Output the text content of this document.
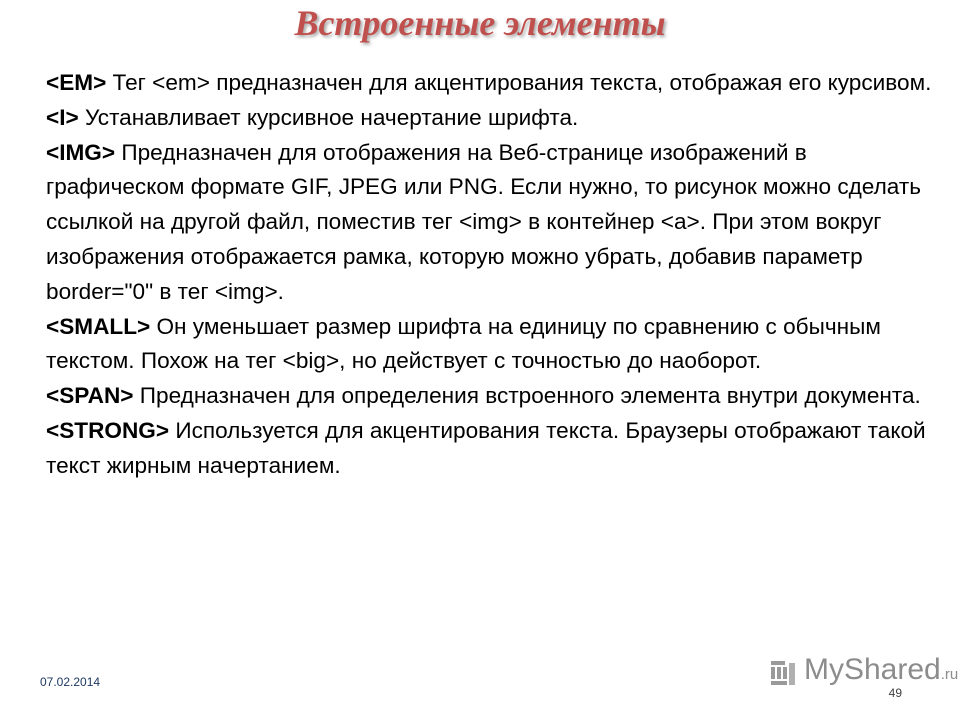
Встроенные элементы

<EM> Тег <em> предназначен для акцентирования текста, отображая его курсивом.

<I> Устанавливает курсивное начертание шрифта.

<IMG> Предназначен для отображения на Веб-странице изображений в графическом формате GIF, JPEG или PNG. Если нужно, то рисунок можно сделать ссылкой на другой файл, поместив тег <img> в контейнер <a>. При этом вокруг изображения отображается рамка, которую можно убрать, добавив параметр border="0" в тег <img>.

<SMALL> Он уменьшает размер шрифта на единицу по сравнению с обычным текстом. Похож на тег <big>, но действует с точностью до наоборот.

<SPAN> Предназначен для определения встроенного элемента внутри документа.

<STRONG> Используется для акцентирования текста. Браузеры отображают такой текст жирным начертанием.

07.02.2014	MyShared.ru
49
